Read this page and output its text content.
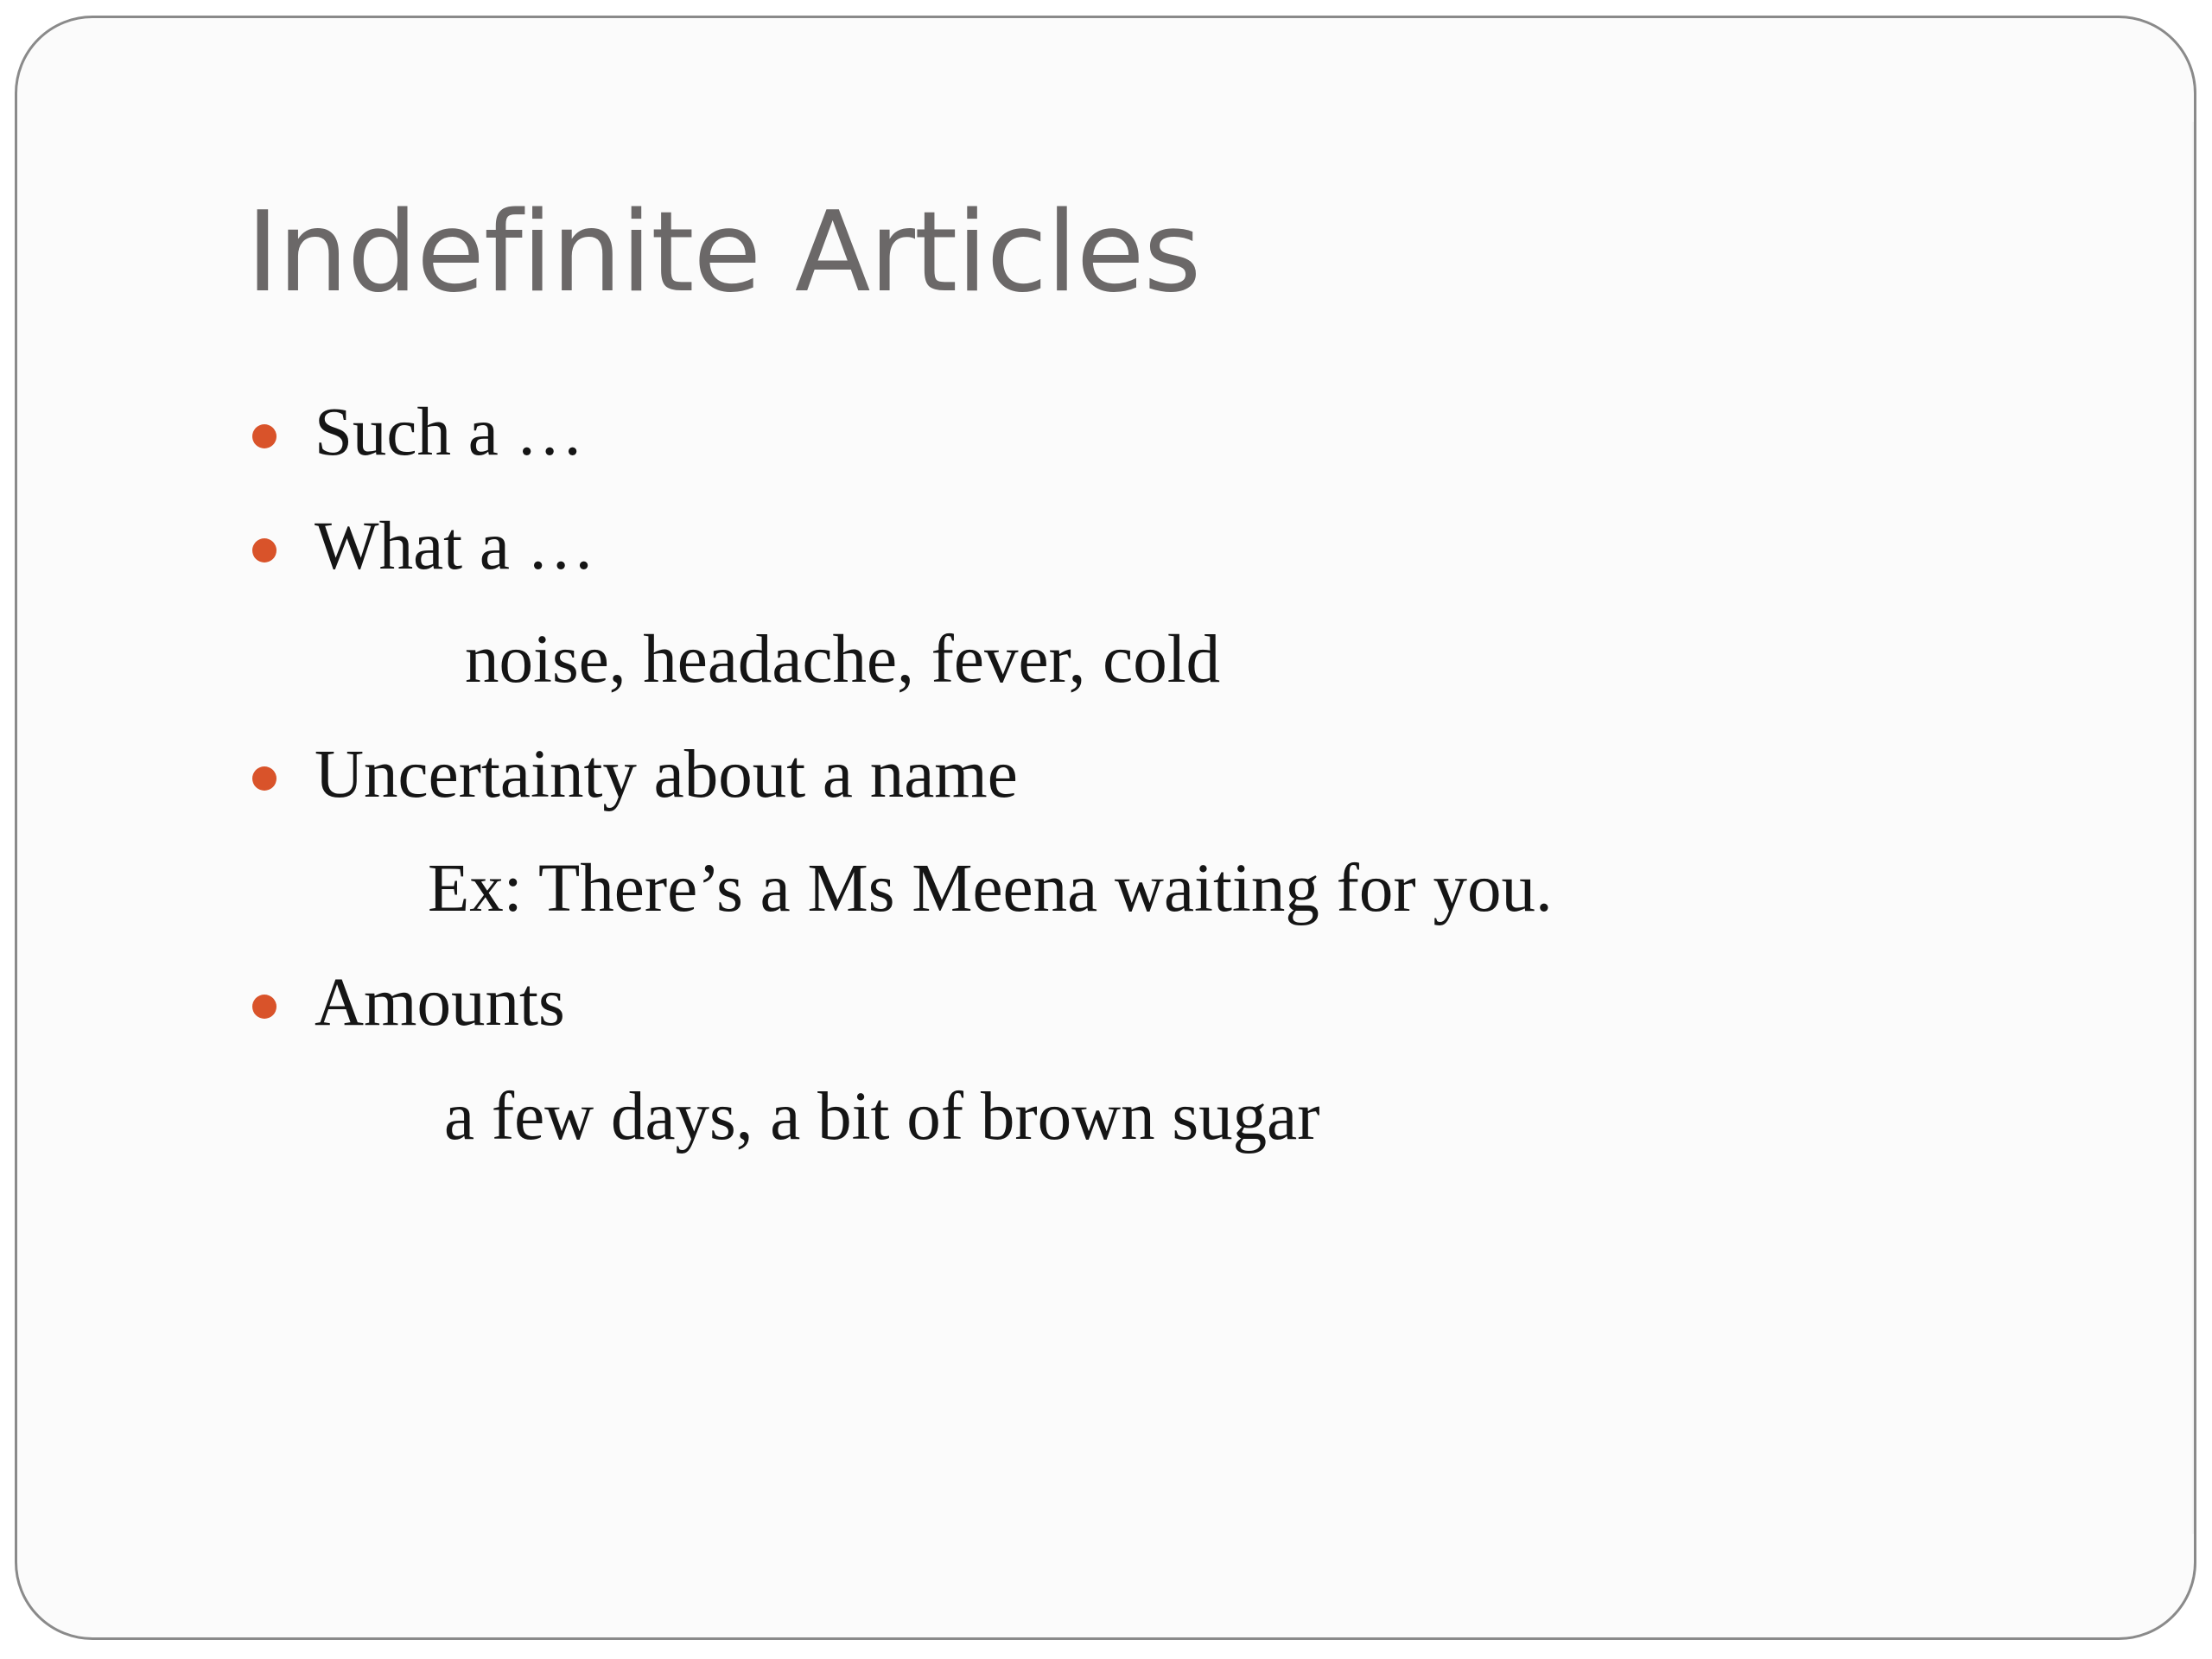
Indefinite Articles
Such a …
What a …
noise, headache, fever, cold
Uncertainty about a name
Ex: There’s a Ms Meena waiting for you.
Amounts
a few days, a bit of brown sugar
